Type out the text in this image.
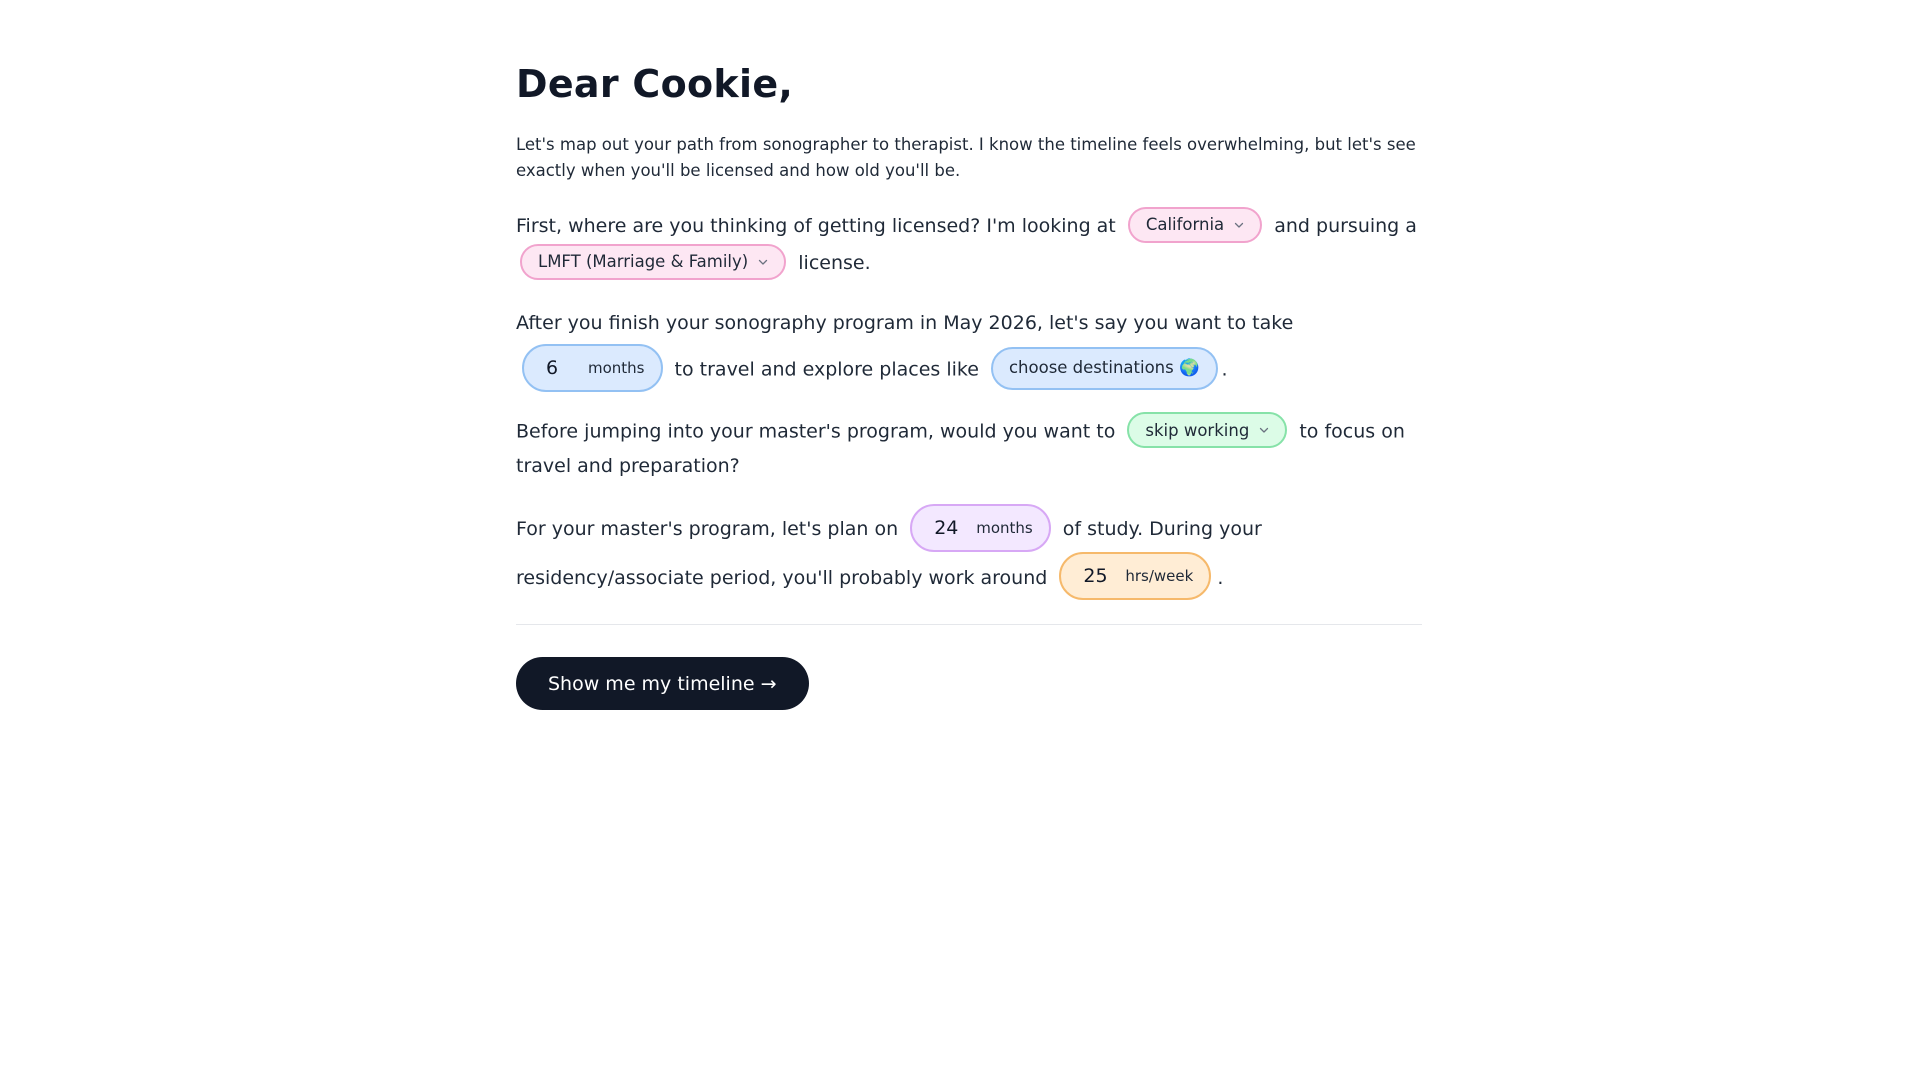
Dear Cookie,

Let's map out your path from sonographer to therapist. I know the timeline feels overwhelming, but let's see exactly when you'll be licensed and how old you'll be.

First, where are you thinking of getting licensed? I'm looking at California	and pursuing a
LMFT (Marriage & Family)	license.
After you finish your sonography program in May 2026, let's say you want to take
6	months to travel and explore places like choose destinations 🌍 .
Before jumping into your master's program, would you want to skip working	to focus on travel and preparation?
For your master's program, let's plan on 24	months of study. During your residency/associate period, you'll probably work around 25	hrs/week .
Show me my timeline →
